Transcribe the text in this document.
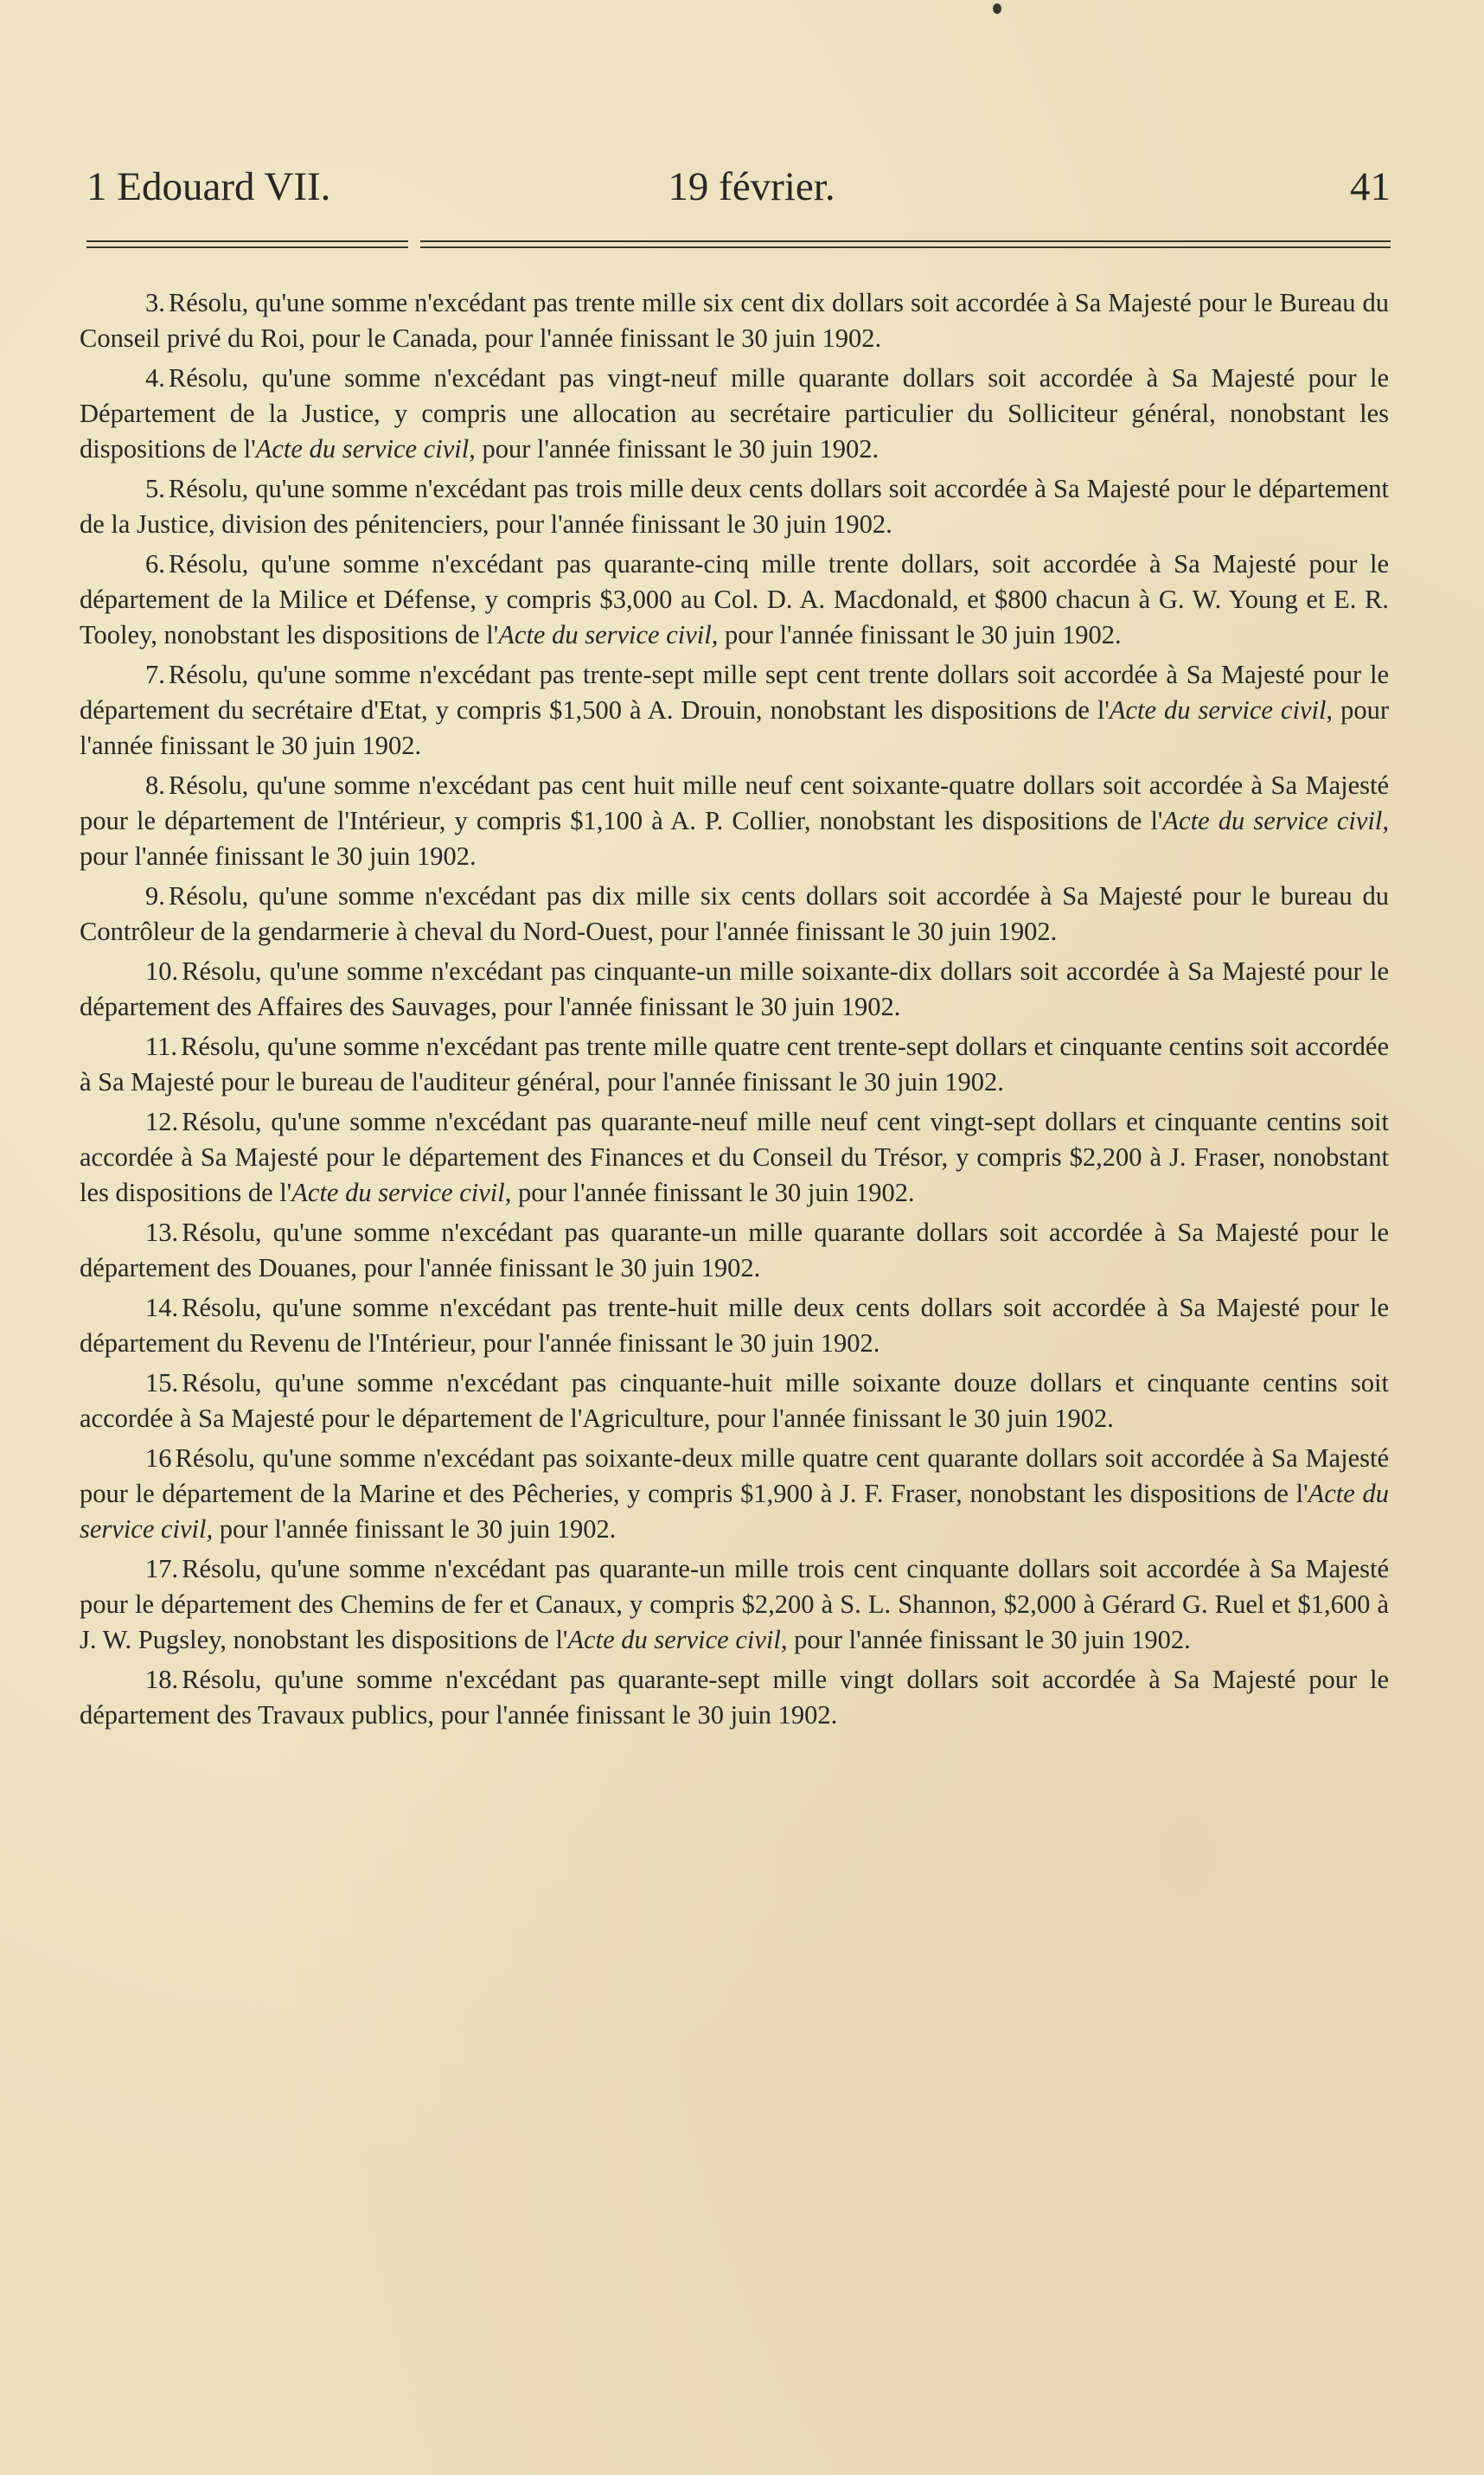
1 Edouard VII.	19 février.	41

3. Résolu, qu'une somme n'excédant pas trente mille six cent dix dollars soit accordée à Sa Majesté pour le Bureau du Conseil privé du Roi, pour le Canada, pour l'année finissant le 30 juin 1902.

4. Résolu, qu'une somme n'excédant pas vingt-neuf mille quarante dollars soit accordée à Sa Majesté pour le Département de la Justice, y compris une allocation au secrétaire particulier du Solliciteur général, nonobstant les dispositions de l'Acte du service civil, pour l'année finissant le 30 juin 1902.

5. Résolu, qu'une somme n'excédant pas trois mille deux cents dollars soit accordée à Sa Majesté pour le département de la Justice, division des pénitenciers, pour l'année finissant le 30 juin 1902.

6. Résolu, qu'une somme n'excédant pas quarante-cinq mille trente dollars, soit accordée à Sa Majesté pour le département de la Milice et Défense, y compris $3,000 au Col. D. A. Macdonald, et $800 chacun à G. W. Young et E. R. Tooley, nonobstant les dispositions de l'Acte du service civil, pour l'année finissant le 30 juin 1902.

7. Résolu, qu'une somme n'excédant pas trente-sept mille sept cent trente dollars soit accordée à Sa Majesté pour le département du secrétaire d'Etat, y compris $1,500 à A. Drouin, nonobstant les dispositions de l'Acte du service civil, pour l'année finissant le 30 juin 1902.

8. Résolu, qu'une somme n'excédant pas cent huit mille neuf cent soixante-quatre dollars soit accordée à Sa Majesté pour le département de l'Intérieur, y compris $1,100 à A. P. Collier, nonobstant les dispositions de l'Acte du service civil, pour l'année finissant le 30 juin 1902.

9. Résolu, qu'une somme n'excédant pas dix mille six cents dollars soit accordée à Sa Majesté pour le bureau du Contrôleur de la gendarmerie à cheval du Nord-Ouest, pour l'année finissant le 30 juin 1902.

10. Résolu, qu'une somme n'excédant pas cinquante-un mille soixante-dix dollars soit accordée à Sa Majesté pour le département des Affaires des Sauvages, pour l'année finissant le 30 juin 1902.

11. Résolu, qu'une somme n'excédant pas trente mille quatre cent trente-sept dollars et cinquante centins soit accordée à Sa Majesté pour le bureau de l'auditeur général, pour l'année finissant le 30 juin 1902.

12. Résolu, qu'une somme n'excédant pas quarante-neuf mille neuf cent vingt-sept dollars et cinquante centins soit accordée à Sa Majesté pour le département des Finances et du Conseil du Trésor, y compris $2,200 à J. Fraser, nonobstant les dispositions de l'Acte du service civil, pour l'année finissant le 30 juin 1902.

13. Résolu, qu'une somme n'excédant pas quarante-un mille quarante dollars soit accordée à Sa Majesté pour le département des Douanes, pour l'année finissant le 30 juin 1902.

14. Résolu, qu'une somme n'excédant pas trente-huit mille deux cents dollars soit accordée à Sa Majesté pour le département du Revenu de l'Intérieur, pour l'année finissant le 30 juin 1902.

15. Résolu, qu'une somme n'excédant pas cinquante-huit mille soixante douze dollars et cinquante centins soit accordée à Sa Majesté pour le département de l'Agriculture, pour l'année finissant le 30 juin 1902.

16 Résolu, qu'une somme n'excédant pas soixante-deux mille quatre cent quarante dollars soit accordée à Sa Majesté pour le département de la Marine et des Pêcheries, y compris $1,900 à J. F. Fraser, nonobstant les dispositions de l'Acte du service civil, pour l'année finissant le 30 juin 1902.

17. Résolu, qu'une somme n'excédant pas quarante-un mille trois cent cinquante dollars soit accordée à Sa Majesté pour le département des Chemins de fer et Canaux, y compris $2,200 à S. L. Shannon, $2,000 à Gérard G. Ruel et $1,600 à J. W. Pugsley, nonobstant les dispositions de l'Acte du service civil, pour l'année finissant le 30 juin 1902.

18. Résolu, qu'une somme n'excédant pas quarante-sept mille vingt dollars soit accordée à Sa Majesté pour le département des Travaux publics, pour l'année finissant le 30 juin 1902.
